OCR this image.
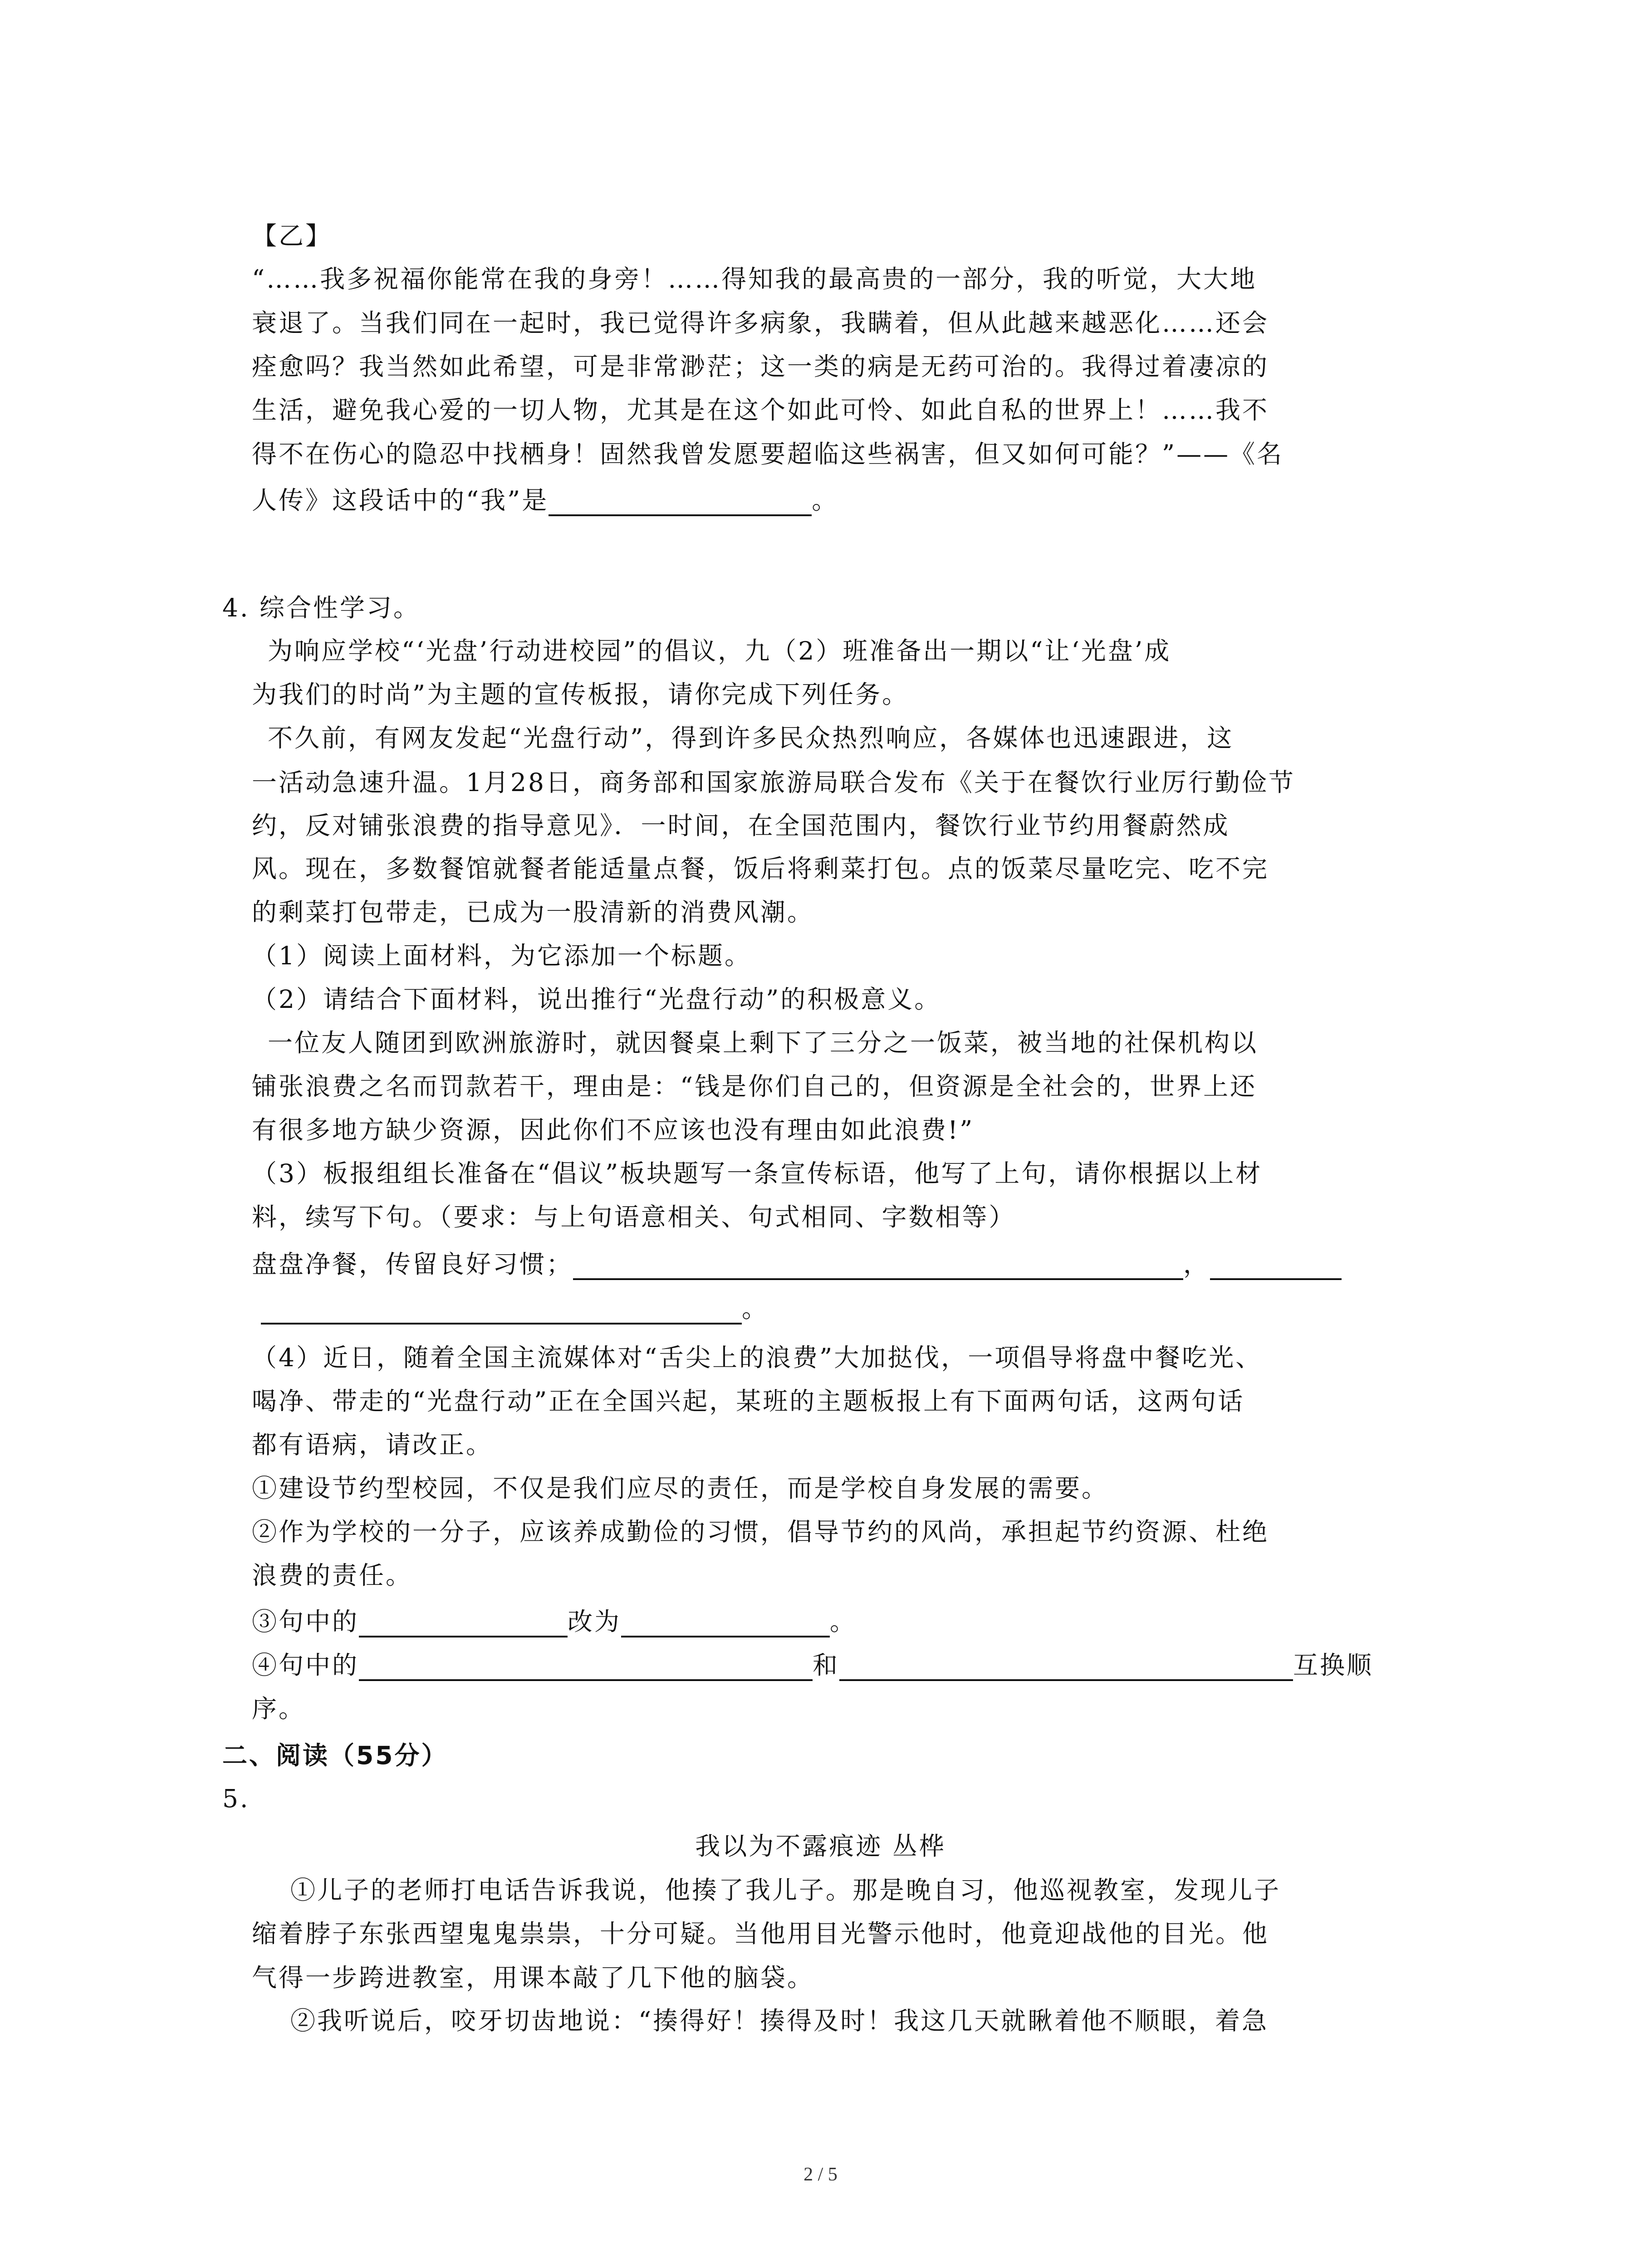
【乙】
“……我多祝福你能常在我的身旁！……得知我的最高贵的一部分，我的听觉，大大地
衰退了。当我们同在一起时，我已觉得许多病象，我瞒着，但从此越来越恶化……还会
痊愈吗？我当然如此希望，可是非常渺茫；这一类的病是无药可治的。我得过着凄凉的
生活，避免我心爱的一切人物，尤其是在这个如此可怜、如此自私的世界上！……我不
得不在伤心的隐忍中找栖身！固然我曾发愿要超临这些祸害，但又如何可能？”——《名
人传》这段话中的“我”是	。
4. 综合性学习。
为响应学校“‘光盘’行动进校园”的倡议，九（2）班准备出一期以“让‘光盘’成
为我们的时尚”为主题的宣传板报，请你完成下列任务。
不久前，有网友发起“光盘行动”，得到许多民众热烈响应，各媒体也迅速跟进，这
一活动急速升温。1月28日，商务部和国家旅游局联合发布《关于在餐饮行业厉行勤俭节
约，反对铺张浪费的指导意见》．一时间，在全国范围内，餐饮行业节约用餐蔚然成
风。现在，多数餐馆就餐者能适量点餐，饭后将剩菜打包。点的饭菜尽量吃完、吃不完
的剩菜打包带走，已成为一股清新的消费风潮。
（1）阅读上面材料，为它添加一个标题。
（2）请结合下面材料，说出推行“光盘行动”的积极意义。
一位友人随团到欧洲旅游时，就因餐桌上剩下了三分之一饭菜，被当地的社保机构以
铺张浪费之名而罚款若干，理由是：“钱是你们自己的，但资源是全社会的，世界上还
有很多地方缺少资源，因此你们不应该也没有理由如此浪费!”
（3）板报组组长准备在“倡议”板块题写一条宣传标语，他写了上句，请你根据以上材
料，续写下句。（要求：与上句语意相关、句式相同、字数相等）
盘盘净餐，传留良好习惯；	，
。
（4）近日，随着全国主流媒体对“舌尖上的浪费”大加挞伐，一项倡导将盘中餐吃光、
喝净、带走的“光盘行动”正在全国兴起，某班的主题板报上有下面两句话，这两句话
都有语病，请改正。
①建设节约型校园，不仅是我们应尽的责任，而是学校自身发展的需要。
②作为学校的一分子，应该养成勤俭的习惯，倡导节约的风尚，承担起节约资源、杜绝
浪费的责任。
③句中的	改为	。
④句中的	和	互换顺
序。
二、阅读（55分）
5.
我以为不露痕迹 丛桦
①儿子的老师打电话告诉我说，他揍了我儿子。那是晚自习，他巡视教室，发现儿子
缩着脖子东张西望鬼鬼祟祟，十分可疑。当他用目光警示他时，他竟迎战他的目光。他
气得一步跨进教室，用课本敲了几下他的脑袋。
②我听说后，咬牙切齿地说：“揍得好！揍得及时！我这几天就瞅着他不顺眼，着急
2 / 5
